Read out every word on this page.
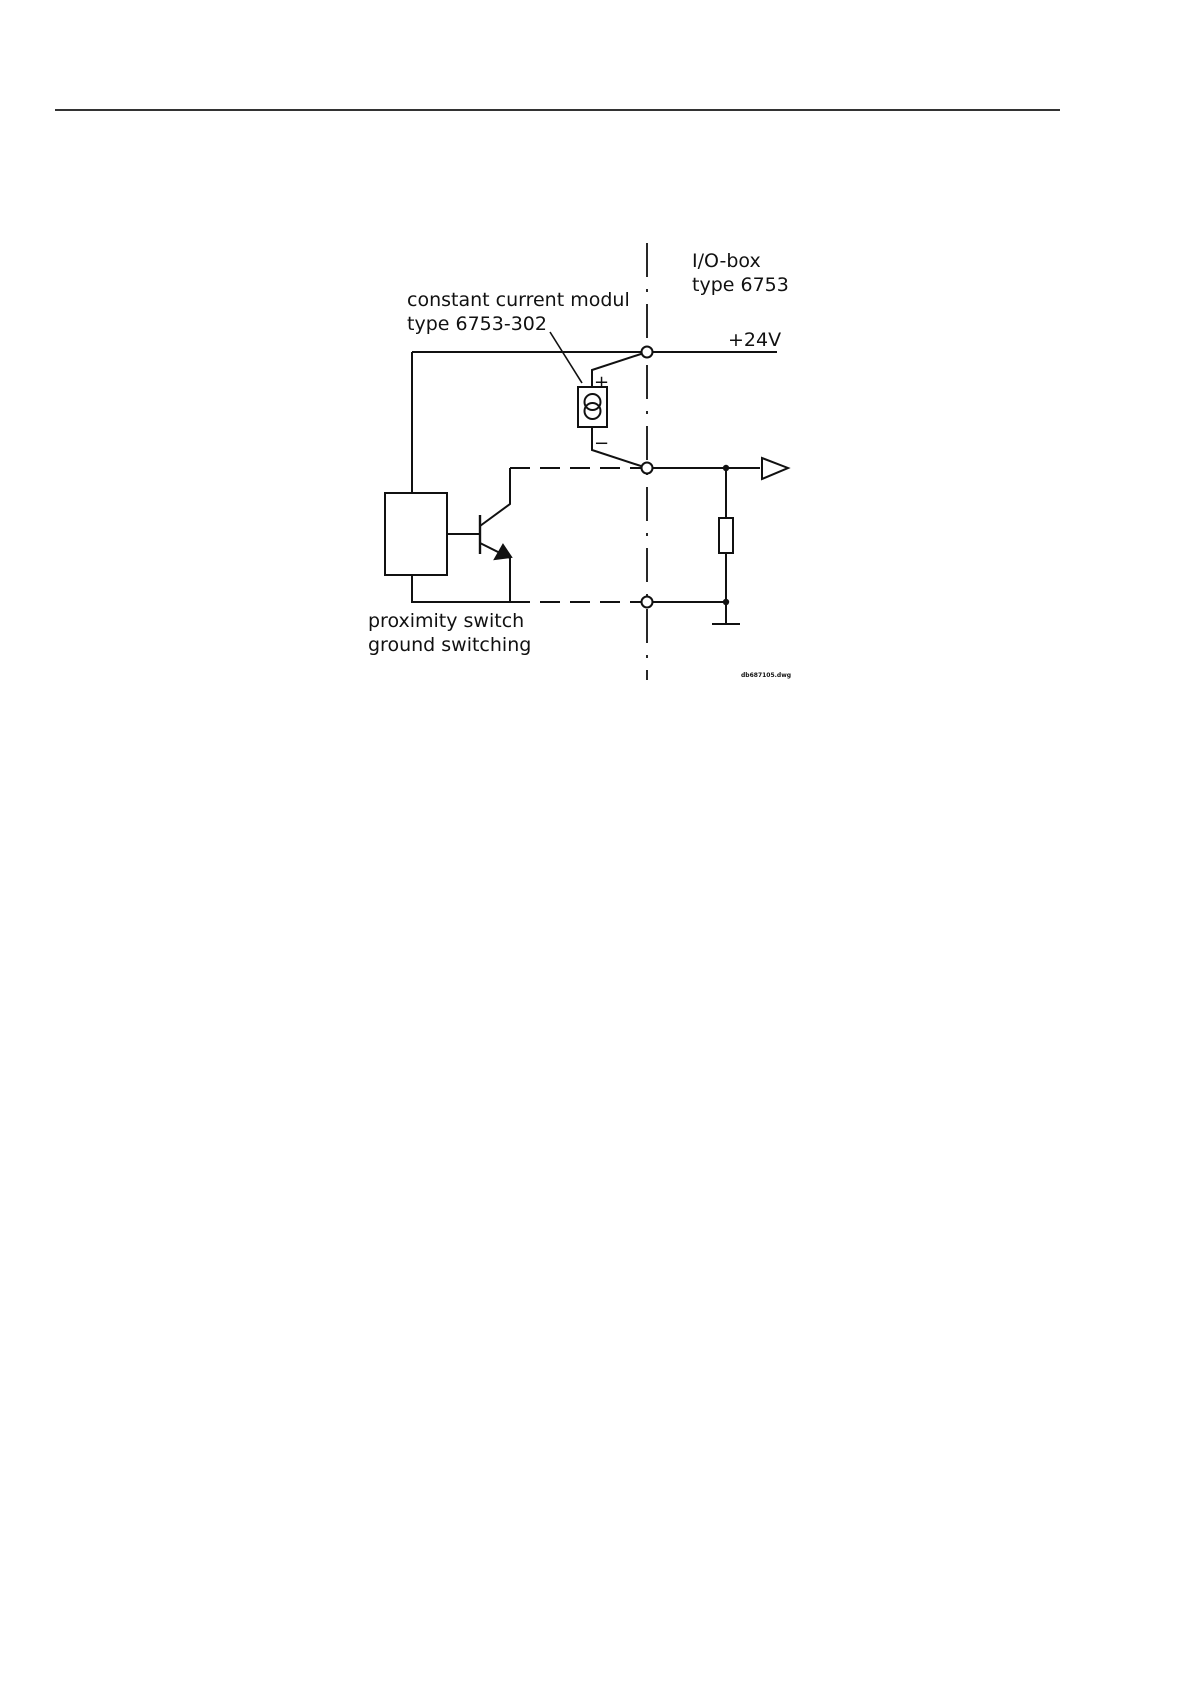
I/O-box
type 6753
constant current modul
type 6753-302
+24V
+
−
proximity switch
ground switching
db687105.dwg
